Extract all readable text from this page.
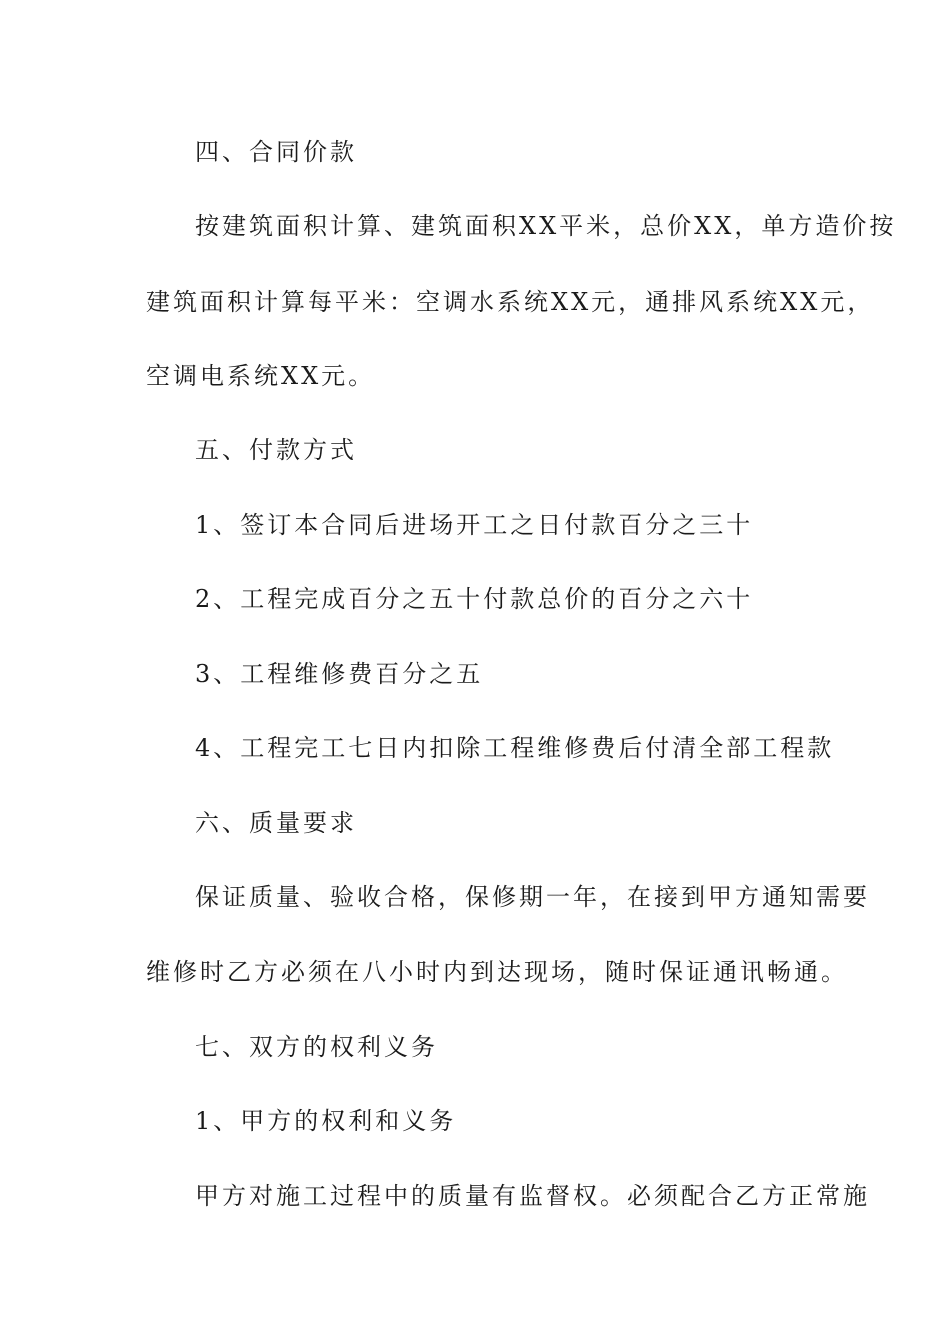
四、合同价款
按建筑面积计算、建筑面积XX平米，总价XX，单方造价按
建筑面积计算每平米：空调水系统XX元，通排风系统XX元，
空调电系统XX元。
五、付款方式
1、签订本合同后进场开工之日付款百分之三十
2、工程完成百分之五十付款总价的百分之六十
3、工程维修费百分之五
4、工程完工七日内扣除工程维修费后付清全部工程款
六、质量要求
保证质量、验收合格，保修期一年，在接到甲方通知需要
维修时乙方必须在八小时内到达现场，随时保证通讯畅通。
七、双方的权利义务
1、甲方的权利和义务
甲方对施工过程中的质量有监督权。必须配合乙方正常施
